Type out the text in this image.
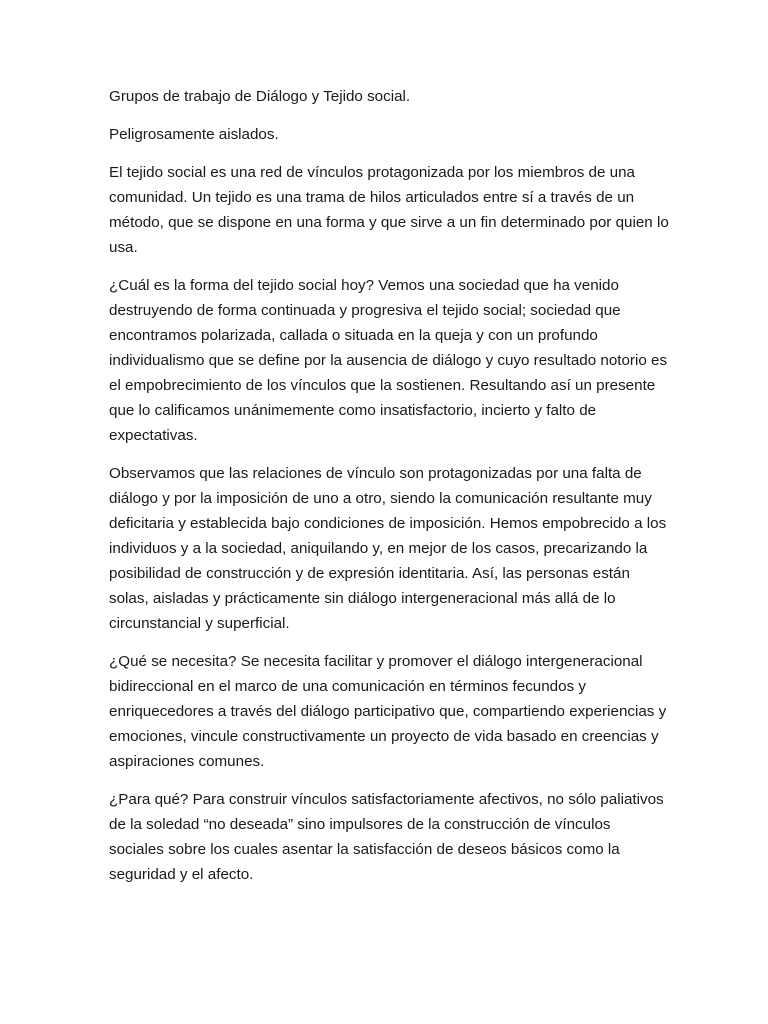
Grupos de trabajo de Diálogo y Tejido social.

Peligrosamente aislados.

El tejido social es una red de vínculos protagonizada por los miembros de una comunidad. Un tejido es una trama de hilos articulados entre sí a través de un método, que se dispone en una forma y que sirve a un fin determinado por quien lo usa.

¿Cuál es la forma del tejido social hoy? Vemos una sociedad que ha venido destruyendo de forma continuada y progresiva el tejido social; sociedad que encontramos polarizada, callada o situada en la queja y con un profundo individualismo que se define por la ausencia de diálogo y cuyo resultado notorio es el empobrecimiento de los vínculos que la sostienen. Resultando así un presente que lo calificamos unánimemente como insatisfactorio, incierto y falto de expectativas.

Observamos que las relaciones de vínculo son protagonizadas por una falta de diálogo y por la imposición de uno a otro, siendo la comunicación resultante muy deficitaria y establecida bajo condiciones de imposición. Hemos empobrecido a los individuos y a la sociedad, aniquilando y, en mejor de los casos, precarizando la posibilidad de construcción y de expresión identitaria. Así, las personas están solas, aisladas y prácticamente sin diálogo intergeneracional más allá de lo circunstancial y superficial.

¿Qué se necesita? Se necesita facilitar y promover el diálogo intergeneracional bidireccional en el marco de una comunicación en términos fecundos y enriquecedores a través del diálogo participativo que, compartiendo experiencias y emociones, vincule constructivamente un proyecto de vida basado en creencias y aspiraciones comunes.

¿Para qué? Para construir vínculos satisfactoriamente afectivos, no sólo paliativos de la soledad “no deseada” sino impulsores de la construcción de vínculos sociales sobre los cuales asentar la satisfacción de deseos básicos como la seguridad y el afecto.
